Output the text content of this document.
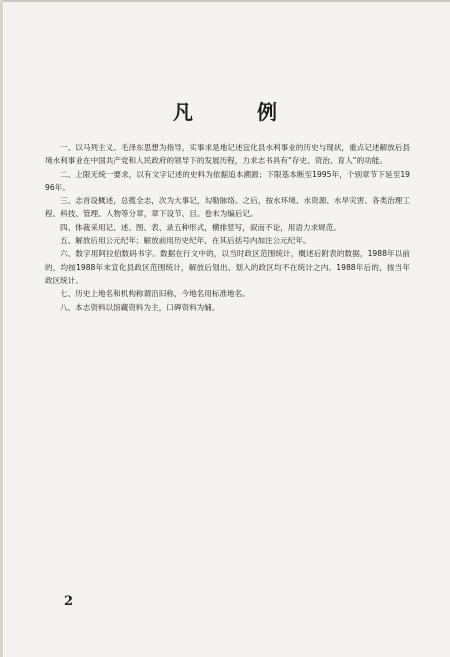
凡　例

一、以马列主义、毛泽东思想为指导，实事求是地记述宜化县水利事业的历史与现状，重点记述解放后县境水利事业在中国共产党和人民政府的领导下的发展历程，力求志书具有“存史、资治、育人”的功能。

二、上限无统一要求，以有文字记述的史料为依据追本溯源；下限基本断至1995年，个别章节下延至1996年。

三、志首设概述，总揽全志，次为大事记，勾勒脉络。之后，按水环境、水资源、水旱灾害、各类治理工程、科技、管理、人物等分章，章下设节、目。卷末为编后记。

四、体裁采用记、述、图、表、录五种形式，横排竖写，叙而不论，用语力求规范。

五、解放后用公元纪年；解放前用历史纪年，在其后括号内加注公元纪年。

六、数字用阿拉伯数码书字。数据在行文中的，以当时政区范围统计，概述后附表的数据，1988年以前的，均按1988年末宣化县政区范围统计，解放后划出、划入的政区均不在统计之内。1988年后的，按当年政区统计。

七、历史上地名和机构称谓沿旧称，今地名用标准地名。

八、本志资料以馆藏资料为主，口碑资料为辅。

2
